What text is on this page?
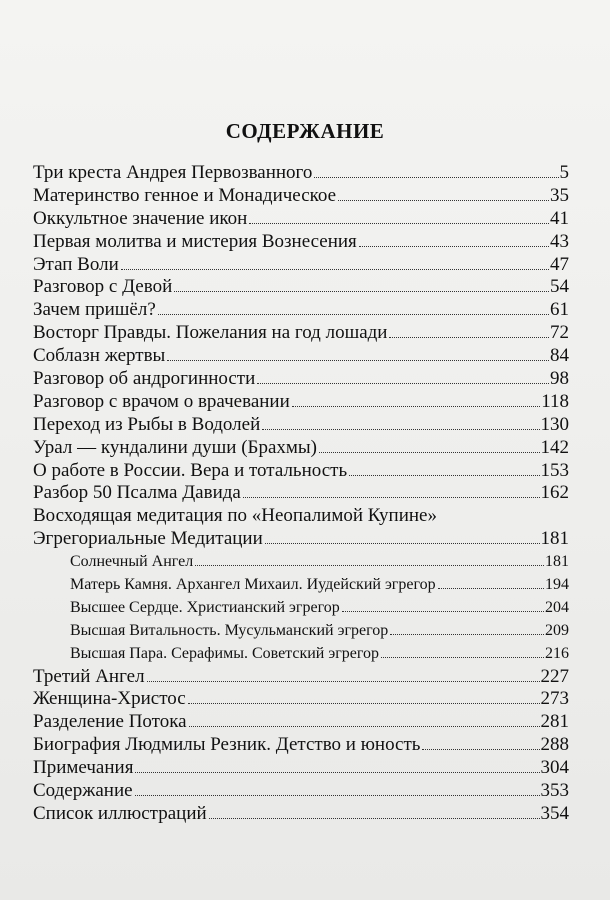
СОДЕРЖАНИЕ
Три креста Андрея Первозванного	5
Материнство генное и Монадическое	35
Оккультное значение икон	41
Первая молитва и мистерия Вознесения	43
Этап Воли	47
Разговор с Девой	54
Зачем пришёл?	61
Восторг Правды. Пожелания на год лошади	72
Соблазн жертвы	84
Разговор об андрогинности	98
Разговор с врачом о врачевании	118
Переход из Рыбы в Водолей	130
Урал — кундалини души (Брахмы)	142
О работе в России. Вера и тотальность	153
Разбор 50 Псалма Давида	162
Восходящая медитация по «Неопалимой Купине»
Эгрегориальные Медитации	181
Солнечный Ангел	181
Матерь Камня. Архангел Михаил. Иудейский эгрегор	194
Высшее Сердце. Христианский эгрегор	204
Высшая Витальность. Мусульманский эгрегор	209
Высшая Пара. Серафимы. Советский эгрегор	216
Третий Ангел	227
Женщина-Христос	273
Разделение Потока	281
Биография Людмилы Резник. Детство и юность	288
Примечания	304
Содержание	353
Список иллюстраций	354
